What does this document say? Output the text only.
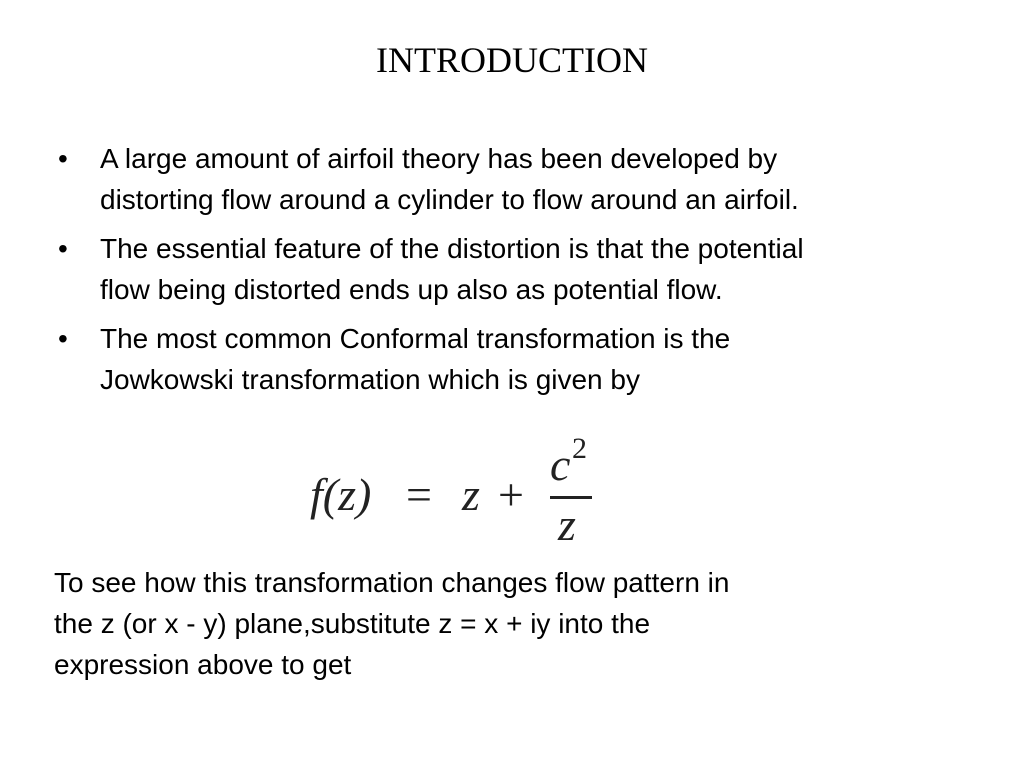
INTRODUCTION
•	A large amount of airfoil theory has been developed by
distorting flow around a cylinder to flow around an airfoil.
•	The essential feature of the distortion is that the potential
flow being distorted ends up also as potential flow.
•	The most common Conformal transformation is the
Jowkowski transformation which is given by
f(z) = z +
c 2
z

To see how this transformation changes flow pattern in
the z (or x - y) plane,substitute z = x + iy into the
expression above to get
